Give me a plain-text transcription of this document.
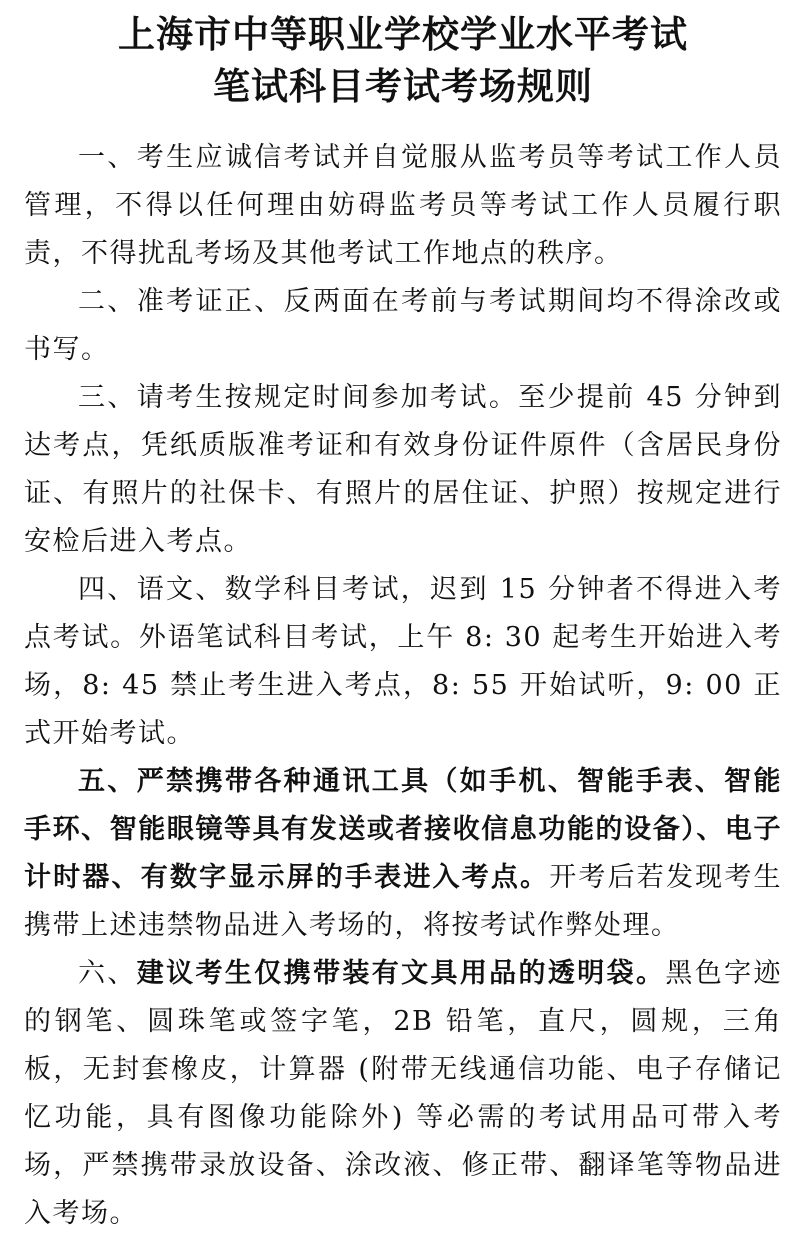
上海市中等职业学校学业水平考试
笔试科目考试考场规则

一、考生应诚信考试并自觉服从监考员等考试工作人员管理，不得以任何理由妨碍监考员等考试工作人员履行职责，不得扰乱考场及其他考试工作地点的秩序。

二、准考证正、反两面在考前与考试期间均不得涂改或书写。

三、请考生按规定时间参加考试。至少提前 45 分钟到达考点，凭纸质版准考证和有效身份证件原件（含居民身份证、有照片的社保卡、有照片的居住证、护照）按规定进行安检后进入考点。

四、语文、数学科目考试，迟到 15 分钟者不得进入考点考试。外语笔试科目考试，上午 8: 30 起考生开始进入考场，8: 45 禁止考生进入考点，8: 55 开始试听，9: 00 正式开始考试。

五、严禁携带各种通讯工具（如手机、智能手表、智能手环、智能眼镜等具有发送或者接收信息功能的设备）、电子计时器、有数字显示屏的手表进入考点。开考后若发现考生携带上述违禁物品进入考场的，将按考试作弊处理。

六、建议考生仅携带装有文具用品的透明袋。黑色字迹的钢笔、圆珠笔或签字笔，2B 铅笔，直尺，圆规，三角板，无封套橡皮，计算器 (附带无线通信功能、电子存储记忆功能，具有图像功能除外) 等必需的考试用品可带入考场，严禁携带录放设备、涂改液、修正带、翻译笔等物品进入考场。
